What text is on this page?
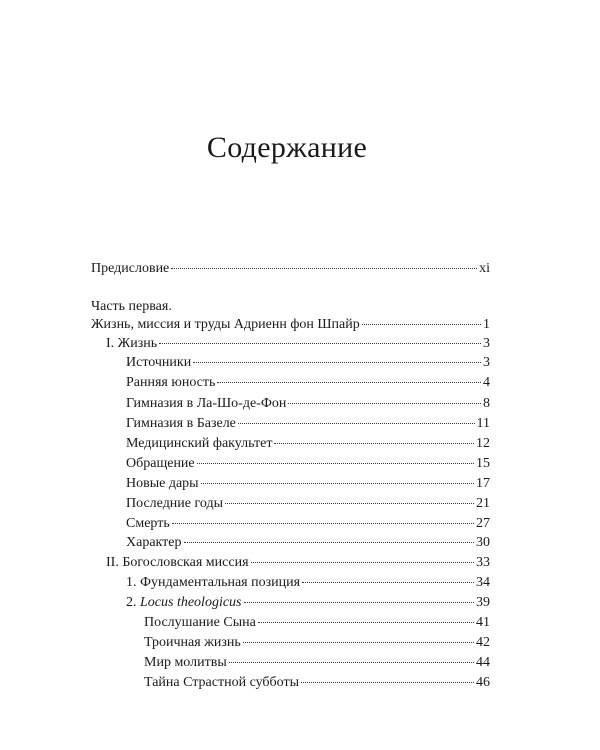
Содержание
Предисловие	xi
Часть первая.
Жизнь, миссия и труды Адриенн фон Шпайр	1
I. Жизнь	3
Источники	3
Ранняя юность	4
Гимназия в Ла-Шо-де-Фон	8
Гимназия в Базеле	11
Медицинский факультет	12
Обращение	15
Новые дары	17
Последние годы	21
Смерть	27
Характер	30
II. Богословская миссия	33
1. Фундаментальная позиция	34
2. Locus theologicus	39
Послушание Сына	41
Троичная жизнь	42
Мир молитвы	44
Тайна Страстной субботы	46
